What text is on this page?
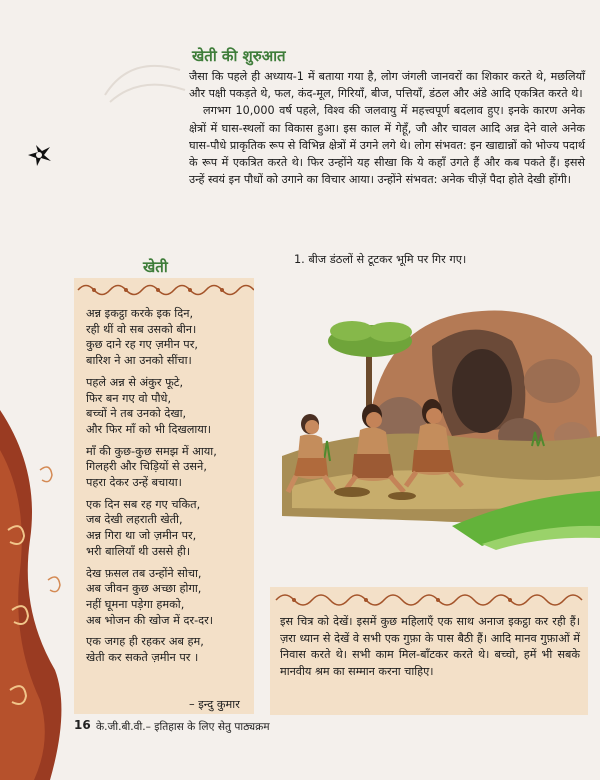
खेती की शुरुआत

जैसा कि पहले ही अध्याय-1 में बताया गया है, लोग जंगली जानवरों का शिकार करते थे, मछलियाँ और पक्षी पकड़ते थे, फल, कंद-मूल, गिरियाँ, बीज, पत्तियाँ, डंठल और अंडे आदि एकत्रित करते थे।

लगभग 10,000 वर्ष पहले, विश्व की जलवायु में महत्त्वपूर्ण बदलाव हुए। इनके कारण अनेक क्षेत्रों में घास-स्थलों का विकास हुआ। इस काल में गेहूँ, जौ और चावल आदि अन्न देने वाले अनेक घास-पौधे प्राकृतिक रूप से विभिन्न क्षेत्रों में उगने लगे थे। लोग संभवत: इन खाद्यान्नों को भोज्य पदार्थ के रूप में एकत्रित करते थे। फिर उन्होंने यह सीखा कि ये कहाँ उगते हैं और कब पकते हैं। इससे उन्हें स्वयं इन पौधों को उगाने का विचार आया। उन्होंने संभवत: अनेक चीज़ें पैदा होते देखी होंगी।

खेती
अन्न इकट्ठा करके इक दिन,
रही थीं वो सब उसको बीन।
कुछ दाने रह गए ज़मीन पर,
बारिश ने आ उनको सींचा।
पहले अन्न से अंकुर फूटे,
फिर बन गए वो पौधे,
बच्चों ने तब उनको देखा,
और फिर माँ को भी दिखलाया।
माँ की कुछ-कुछ समझ में आया,
गिलहरी और चिड़ियों से उसने,
पहरा देकर उन्हें बचाया।
एक दिन सब रह गए चकित,
जब देखी लहराती खेती,
अन्न गिरा था जो ज़मीन पर,
भरी बालियाँ थी उससे ही।
देख फ़सल तब उन्होंने सोचा,
अब जीवन कुछ अच्छा होगा,
नहीं घूमना पड़ेगा हमको,
अब भोजन की खोज में दर-दर।
एक जगह ही रहकर अब हम,
खेती कर सकते ज़मीन पर ।
– इन्दु कुमार
1. बीज डंठलों से टूटकर भूमि पर गिर गए।
इस चित्र को देखें। इसमें कुछ महिलाएँ एक साथ अनाज इकट्ठा कर रही हैं। ज़रा ध्यान से देखें वे सभी एक गुफ़ा के पास बैठी हैं। आदि मानव गुफ़ाओं में निवास करते थे। सभी काम मिल-बाँटकर करते थे। बच्चो, हमें भी सबके मानवीय श्रम का सम्मान करना चाहिए।
16 के.जी.बी.वी.– इतिहास के लिए सेतु पाठ्यक्रम
